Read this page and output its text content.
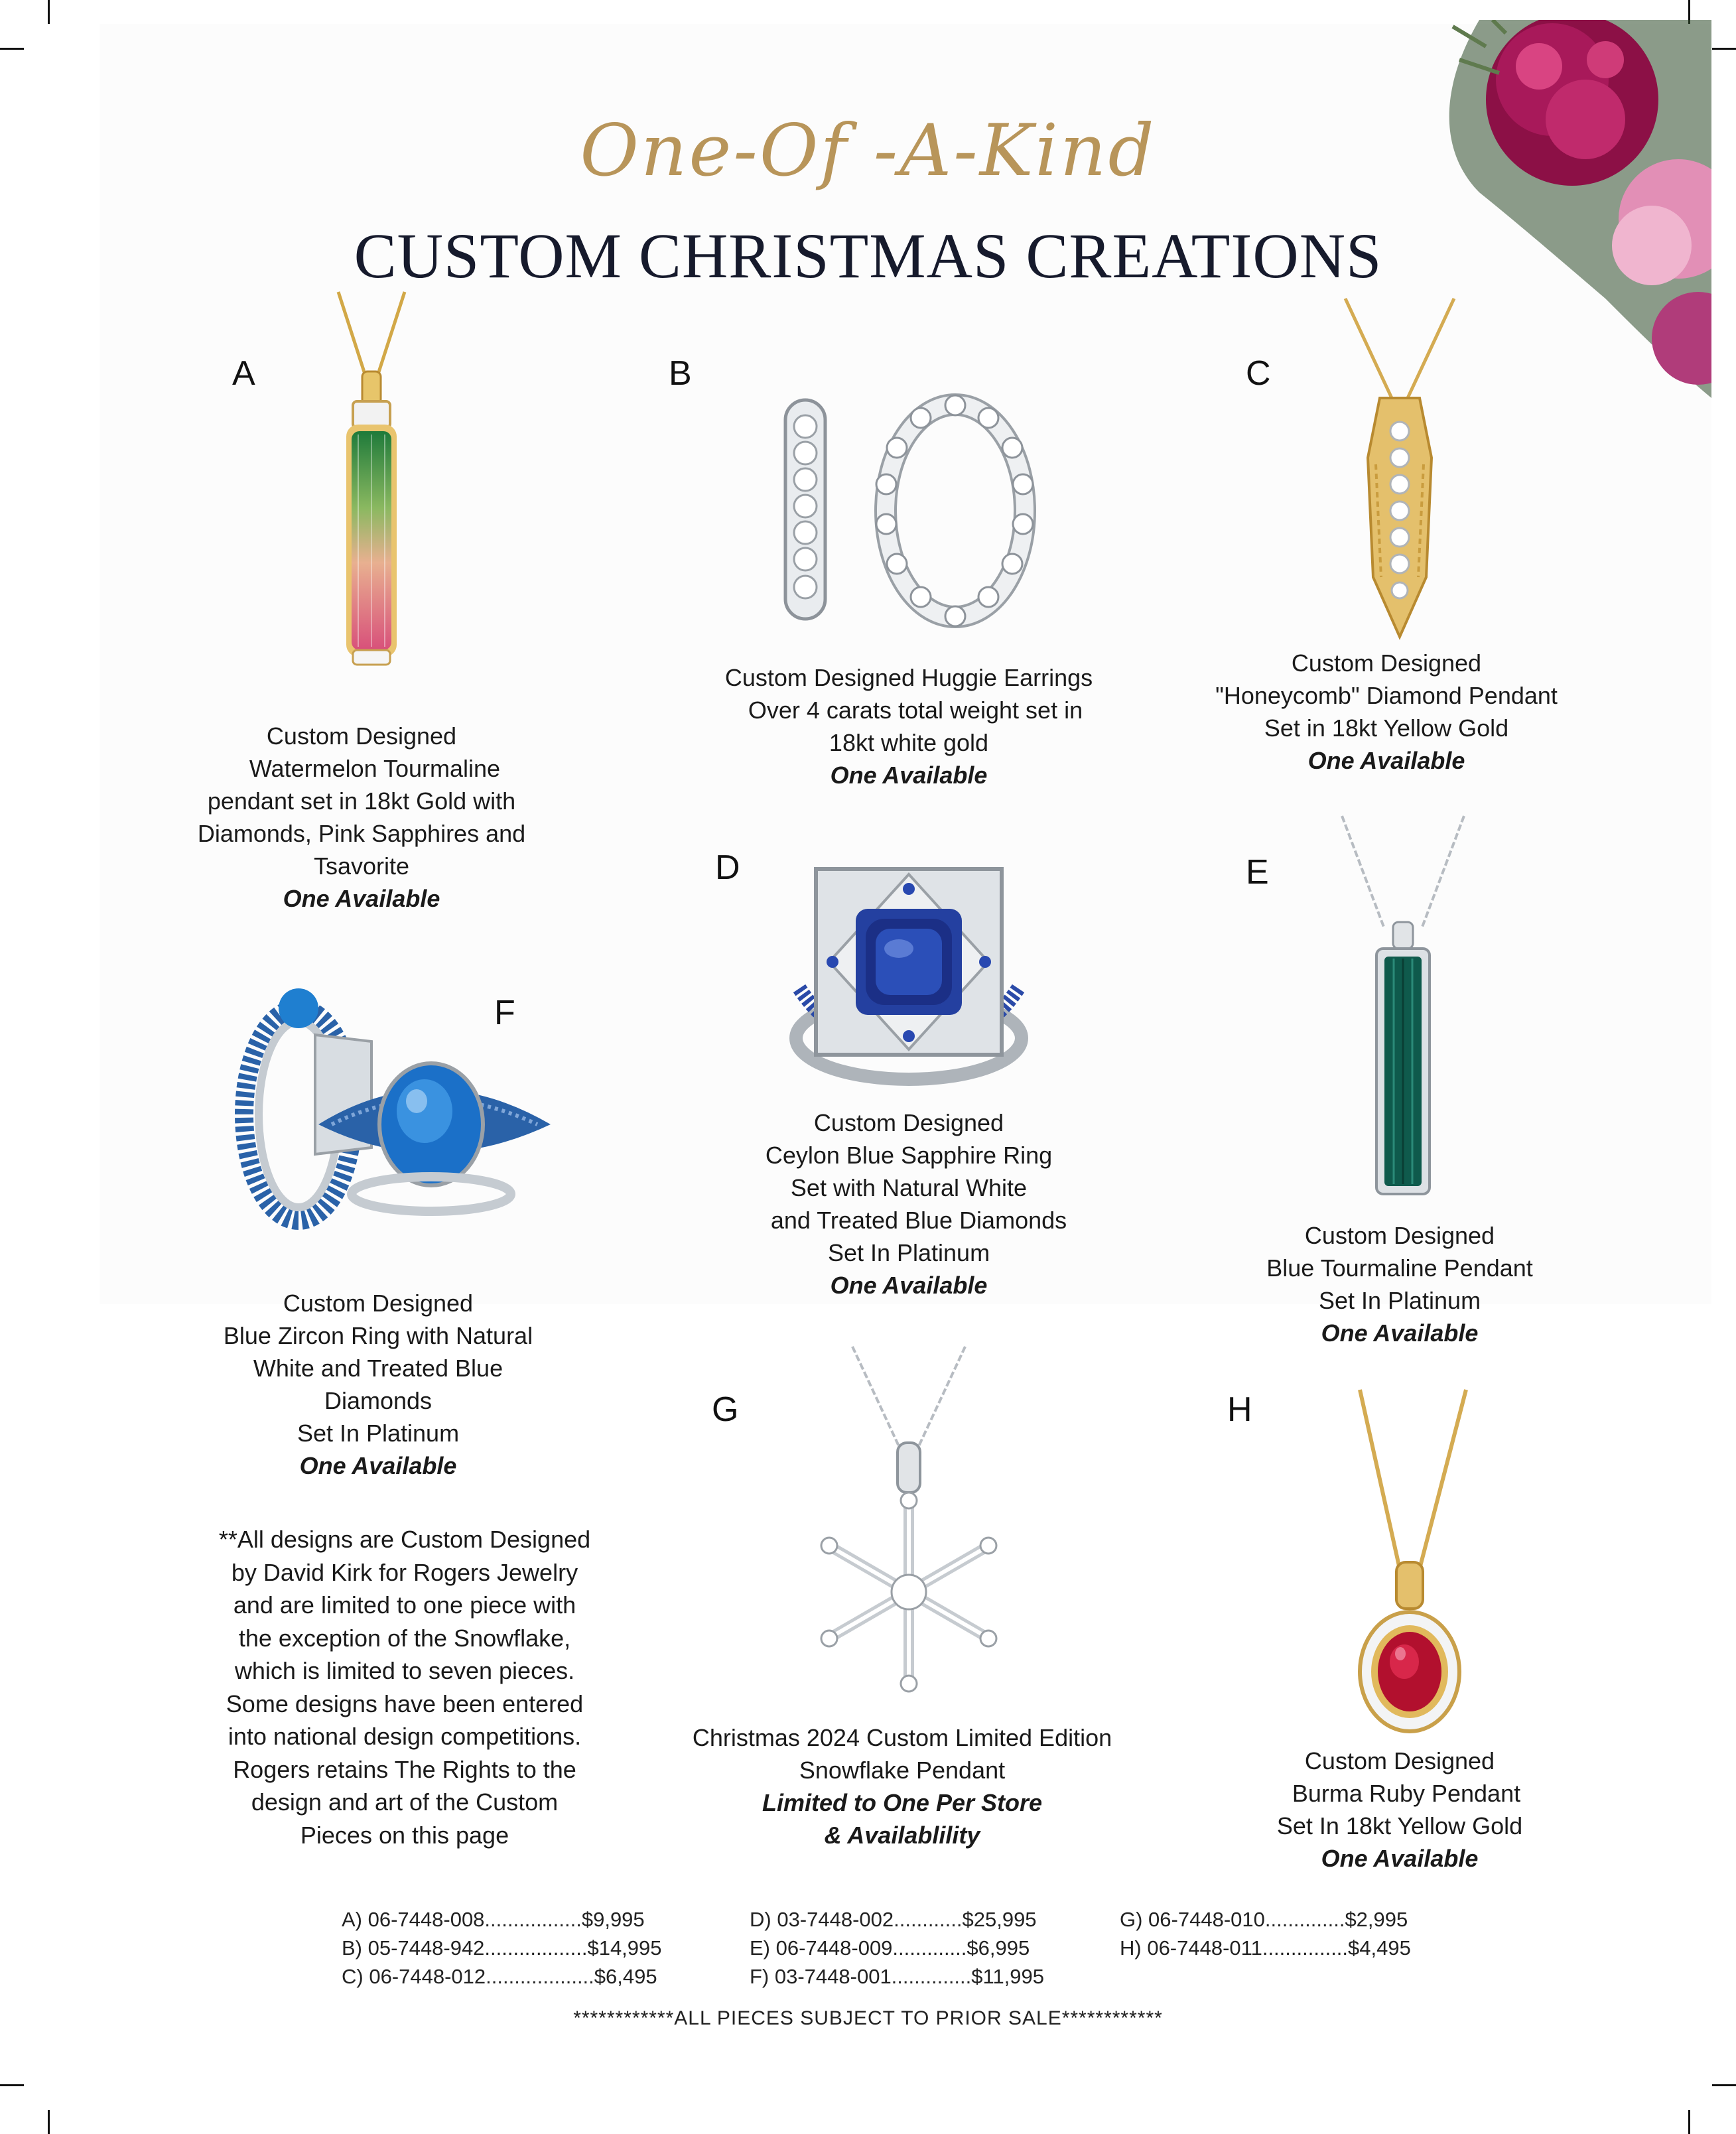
One-Of -A-Kind
CUSTOM CHRISTMAS CREATIONS
A
Custom Designed
Watermelon Tourmaline
pendant set in 18kt Gold with
Diamonds, Pink Sapphires and
Tsavorite
One Available
B
Custom Designed Huggie Earrings
Over 4 carats total weight set in
18kt white gold
One Available
C
Custom Designed
"Honeycomb" Diamond Pendant
Set in 18kt Yellow Gold
One Available
D
Custom Designed
Ceylon Blue Sapphire Ring
Set with Natural White
and Treated Blue Diamonds
Set In Platinum
One Available
E
Custom Designed
Blue Tourmaline Pendant
Set In Platinum
One Available
F
Custom Designed
Blue Zircon Ring with Natural
White and Treated Blue
Diamonds
Set In Platinum
One Available
G
Christmas 2024 Custom Limited Edition
Snowflake Pendant
Limited to One Per Store
& Availablility
H
Custom Designed
Burma Ruby Pendant
Set In 18kt Yellow Gold
One Available
**All designs are Custom Designed
by David Kirk for Rogers Jewelry
and are limited to one piece with
the exception of the Snowflake,
which is limited to seven pieces.
Some designs have been entered
into national design competitions.
Rogers retains The Rights to the
design and art of the Custom
Pieces on this page
A) 06-7448-008.................$9,995
B) 05-7448-942..................$14,995
C) 06-7448-012...................$6,495
D) 03-7448-002............$25,995
E) 06-7448-009.............$6,995
F) 03-7448-001..............$11,995
G) 06-7448-010..............$2,995
H) 06-7448-011...............$4,495
************ALL PIECES SUBJECT TO PRIOR SALE************
